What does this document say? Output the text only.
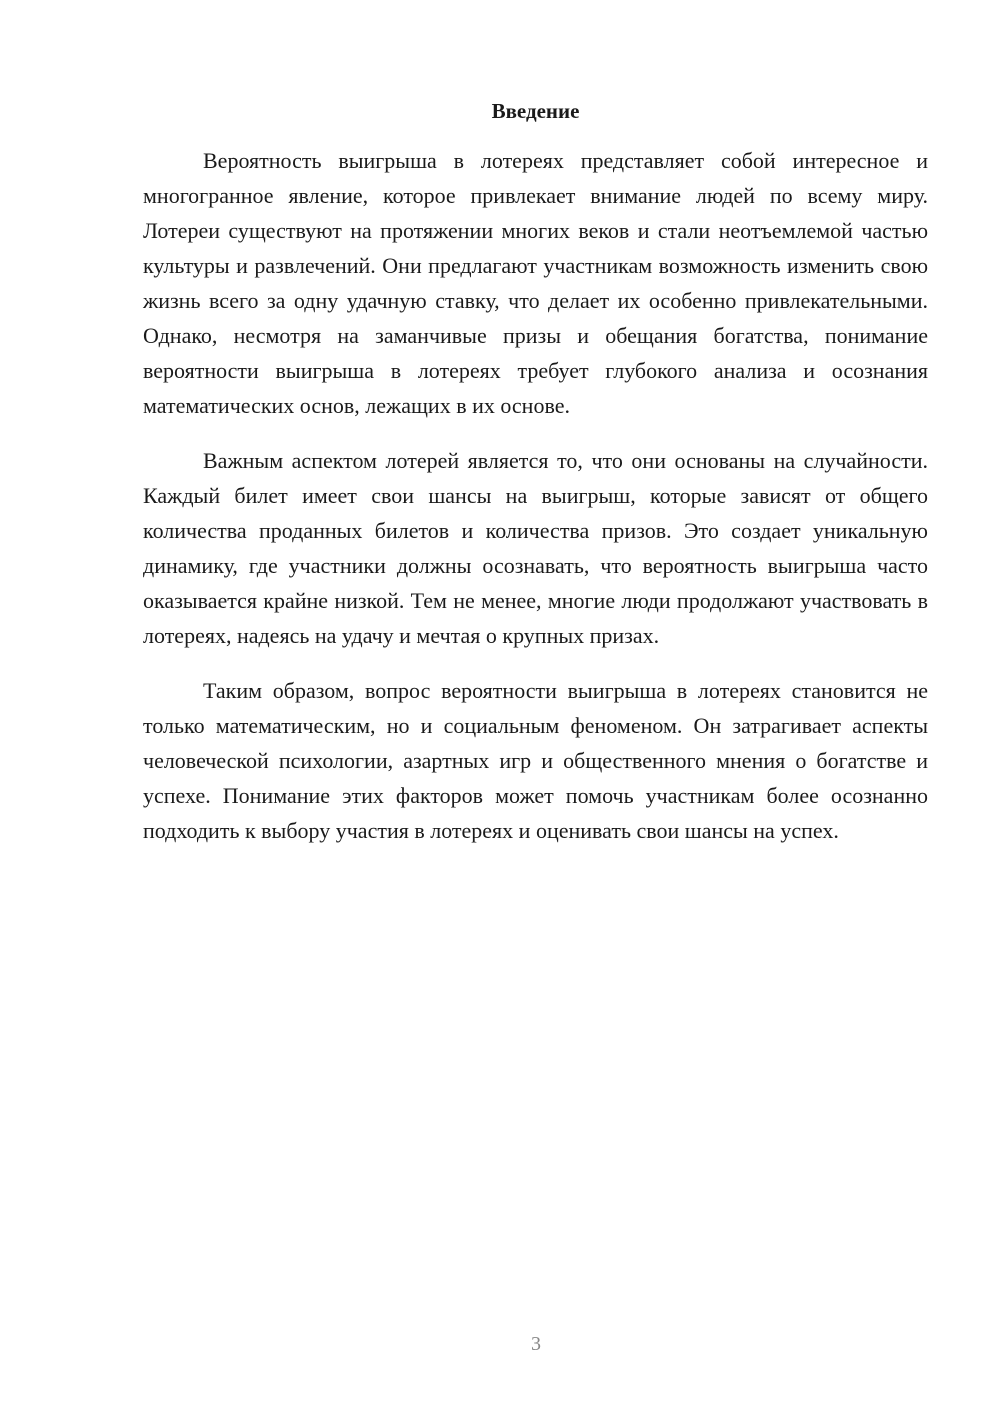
Введение

Вероятность выигрыша в лотереях представляет собой интересное и многогранное явление, которое привлекает внимание людей по всему миру. Лотереи существуют на протяжении многих веков и стали неотъемлемой частью культуры и развлечений. Они предлагают участникам возможность изменить свою жизнь всего за одну удачную ставку, что делает их особенно привлекательными. Однако, несмотря на заманчивые призы и обещания богатства, понимание вероятности выигрыша в лотереях требует глубокого анализа и осознания математических основ, лежащих в их основе.

Важным аспектом лотерей является то, что они основаны на случайности. Каждый билет имеет свои шансы на выигрыш, которые зависят от общего количества проданных билетов и количества призов. Это создает уникальную динамику, где участники должны осознавать, что вероятность выигрыша часто оказывается крайне низкой. Тем не менее, многие люди продолжают участвовать в лотереях, надеясь на удачу и мечтая о крупных призах.

Таким образом, вопрос вероятности выигрыша в лотереях становится не только математическим, но и социальным феноменом. Он затрагивает аспекты человеческой психологии, азартных игр и общественного мнения о богатстве и успехе. Понимание этих факторов может помочь участникам более осознанно подходить к выбору участия в лотереях и оценивать свои шансы на успех.

3
